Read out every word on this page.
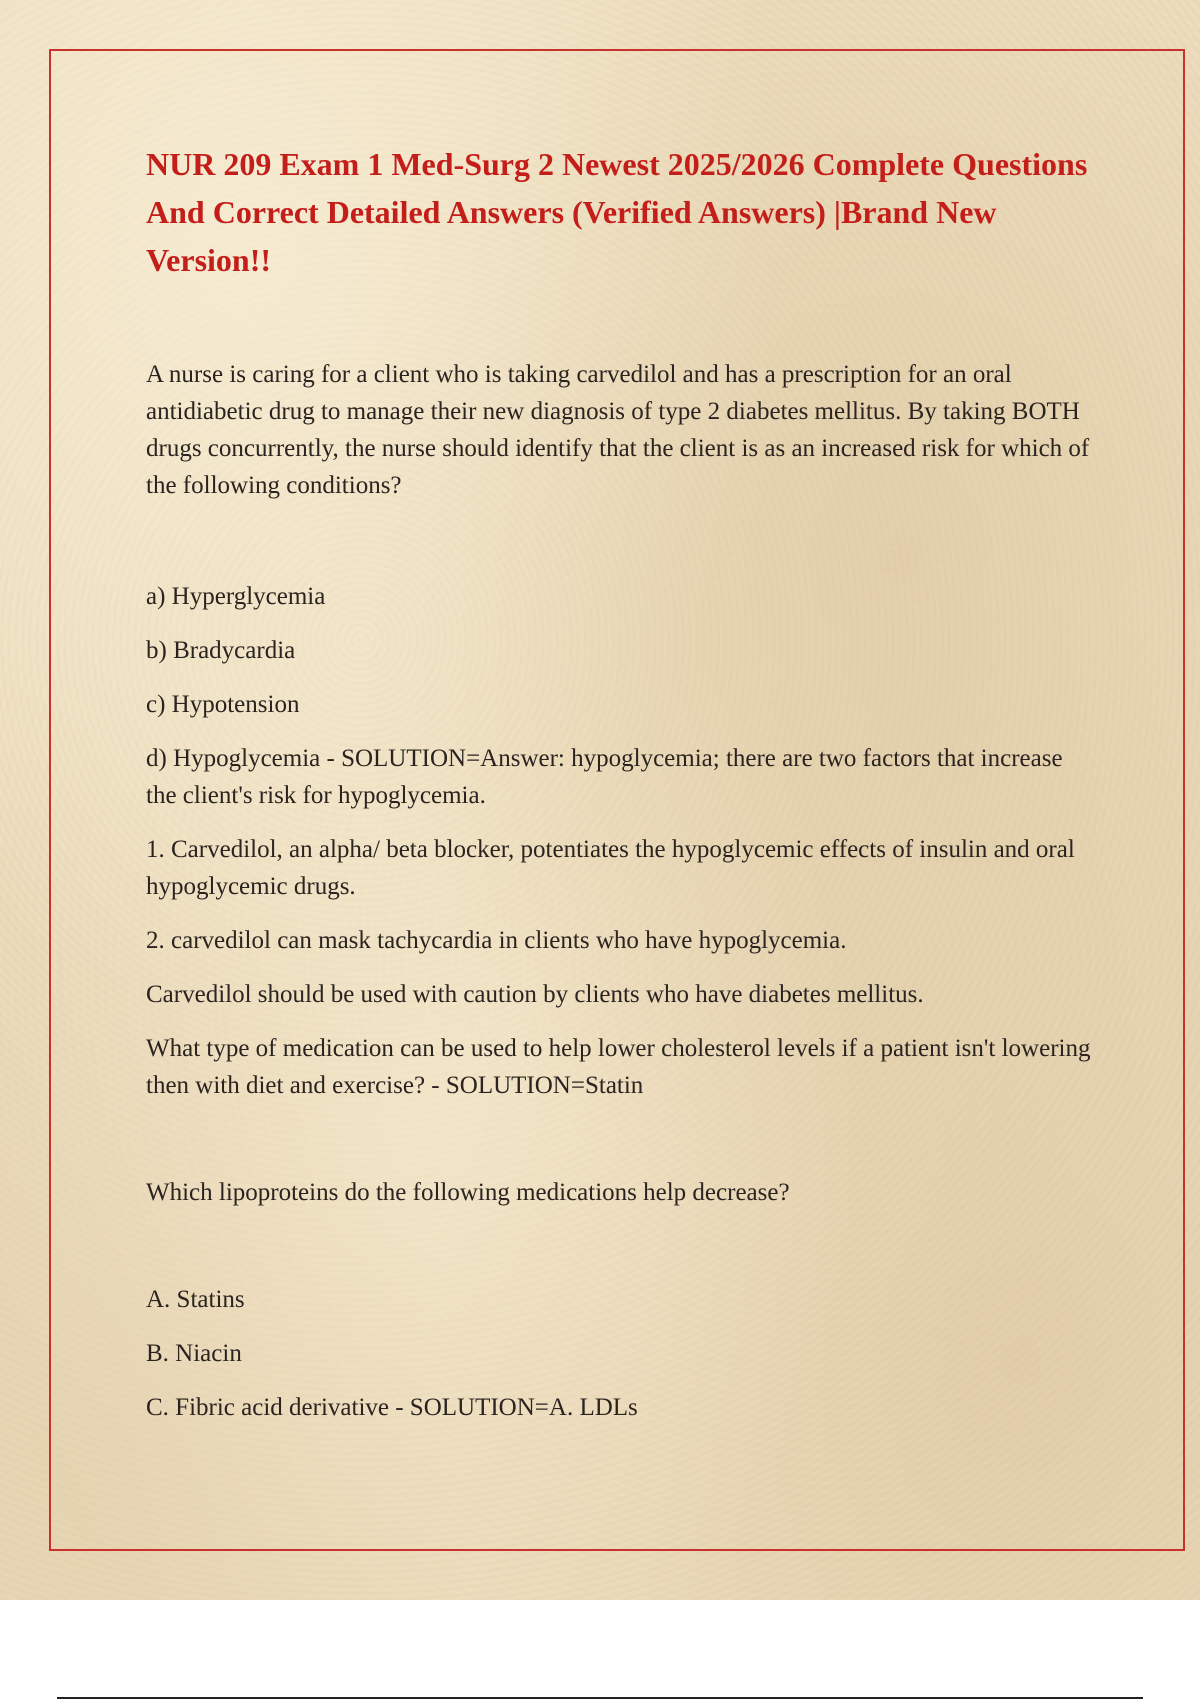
NUR 209 Exam 1 Med-Surg 2 Newest 2025/2026 Complete Questions And Correct Detailed Answers (Verified Answers) |Brand New Version!!

A nurse is caring for a client who is taking carvedilol and has a prescription for an oral antidiabetic drug to manage their new diagnosis of type 2 diabetes mellitus. By taking BOTH drugs concurrently, the nurse should identify that the client is as an increased risk for which of the following conditions?

a) Hyperglycemia

b) Bradycardia

c) Hypotension

d) Hypoglycemia - SOLUTION=Answer: hypoglycemia; there are two factors that increase the client's risk for hypoglycemia.

1. Carvedilol, an alpha/ beta blocker, potentiates the hypoglycemic effects of insulin and oral hypoglycemic drugs.

2. carvedilol can mask tachycardia in clients who have hypoglycemia.

Carvedilol should be used with caution by clients who have diabetes mellitus.

What type of medication can be used to help lower cholesterol levels if a patient isn't lowering then with diet and exercise? - SOLUTION=Statin

Which lipoproteins do the following medications help decrease?

A. Statins

B. Niacin

C. Fibric acid derivative - SOLUTION=A. LDLs
